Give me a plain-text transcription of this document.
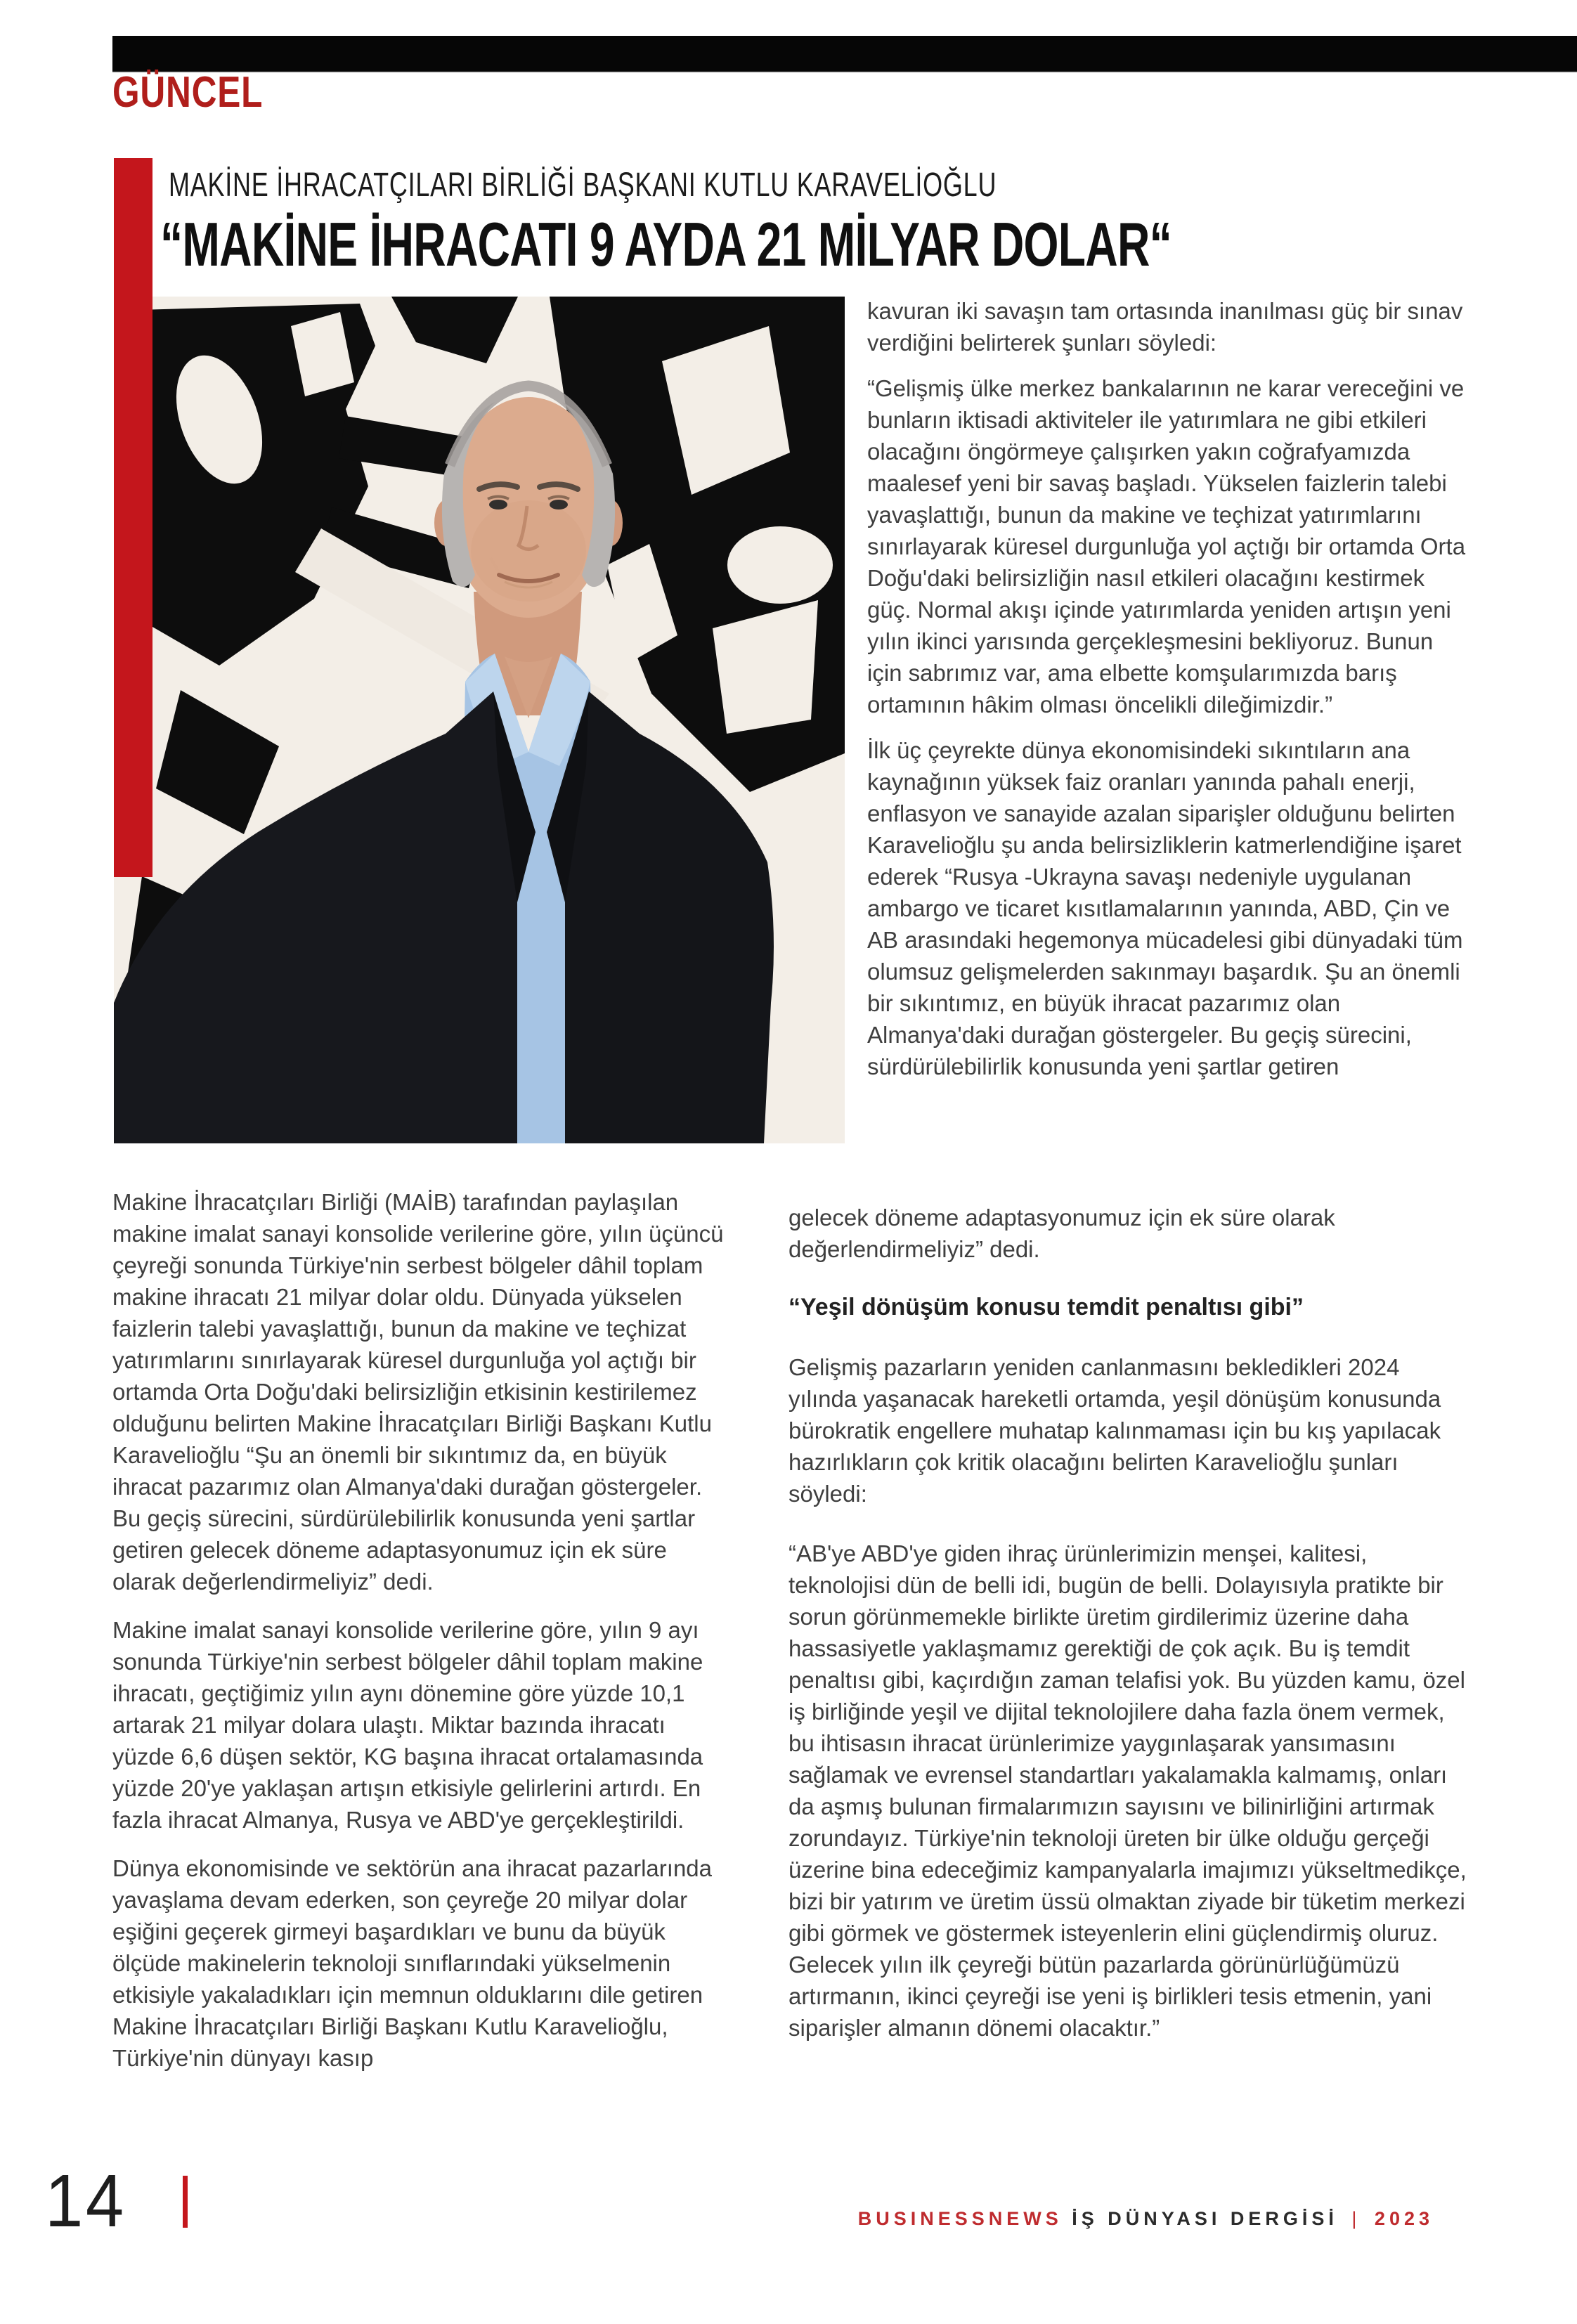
GÜNCEL
MAKİNE İHRACATÇILARI BİRLİĞİ BAŞKANI KUTLU KARAVELİOĞLU
“MAKİNE İHRACATI 9 AYDA 21 MİLYAR DOLAR“

Makine İhracatçıları Birliği (MAİB) tarafından paylaşılan makine imalat sanayi konsolide verilerine göre, yılın üçüncü çeyreği sonunda Türkiye'nin serbest bölgeler dâhil toplam makine ihracatı 21 milyar dolar oldu. Dünyada yükselen faizlerin talebi yavaşlattığı, bunun da makine ve teçhizat yatırımlarını sınırlayarak küresel durgunluğa yol açtığı bir ortamda Orta Doğu'daki belirsizliğin etkisinin kestirilemez olduğunu belirten Makine İhracatçıları Birliği Başkanı Kutlu Karavelioğlu “Şu an önemli bir sıkıntımız da, en büyük ihracat pazarımız olan Almanya'daki durağan göstergeler. Bu geçiş sürecini, sürdürülebilirlik konusunda yeni şartlar getiren gelecek döneme adaptasyonumuz için ek süre olarak değerlendirmeliyiz” dedi.

Makine imalat sanayi konsolide verilerine göre, yılın 9 ayı sonunda Türkiye'nin serbest bölgeler dâhil toplam makine ihracatı, geçtiğimiz yılın aynı dönemine göre yüzde 10,1 artarak 21 milyar dolara ulaştı. Miktar bazında ihracatı yüzde 6,6 düşen sektör, KG başına ihracat ortalamasında yüzde 20'ye yaklaşan artışın etkisiyle gelirlerini artırdı. En fazla ihracat Almanya, Rusya ve ABD'ye gerçekleştirildi.

Dünya ekonomisinde ve sektörün ana ihracat pazarlarında yavaşlama devam ederken, son çeyreğe 20 milyar dolar eşiğini geçerek girmeyi başardıkları ve bunu da büyük ölçüde makinelerin teknoloji sınıflarındaki yükselmenin etkisiyle yakaladıkları için memnun olduklarını dile getiren Makine İhracatçıları Birliği Başkanı Kutlu Karavelioğlu, Türkiye'nin dünyayı kasıp

kavuran iki savaşın tam ortasında inanılması güç bir sınav verdiğini belirterek şunları söyledi:

“Gelişmiş ülke merkez bankalarının ne karar vereceğini ve bunların iktisadi aktiviteler ile yatırımlara ne gibi etkileri olacağını öngörmeye çalışırken yakın coğrafyamızda maalesef yeni bir savaş başladı. Yükselen faizlerin talebi yavaşlattığı, bunun da makine ve teçhizat yatırımlarını sınırlayarak küresel durgunluğa yol açtığı bir ortamda Orta Doğu'daki belirsizliğin nasıl etkileri olacağını kestirmek güç. Normal akışı içinde yatırımlarda yeniden artışın yeni yılın ikinci yarısında gerçekleşmesini bekliyoruz. Bunun için sabrımız var, ama elbette komşularımızda barış ortamının hâkim olması öncelikli dileğimizdir.”

İlk üç çeyrekte dünya ekonomisindeki sıkıntıların ana kaynağının yüksek faiz oranları yanında pahalı enerji, enflasyon ve sanayide azalan siparişler olduğunu belirten Karavelioğlu şu anda belirsizliklerin katmerlendiğine işaret ederek “Rusya -Ukrayna savaşı nedeniyle uygulanan ambargo ve ticaret kısıtlamalarının yanında, ABD, Çin ve AB arasındaki hegemonya mücadelesi gibi dünyadaki tüm olumsuz gelişmelerden sakınmayı başardık. Şu an önemli bir sıkıntımız, en büyük ihracat pazarımız olan Almanya'daki durağan göstergeler. Bu geçiş sürecini, sürdürülebilirlik konusunda yeni şartlar getiren

gelecek döneme adaptasyonumuz için ek süre olarak değerlendirmeliyiz” dedi.

“Yeşil dönüşüm konusu temdit penaltısı gibi”

Gelişmiş pazarların yeniden canlanmasını bekledikleri 2024 yılında yaşanacak hareketli ortamda, yeşil dönüşüm konusunda bürokratik engellere muhatap kalınmaması için bu kış yapılacak hazırlıkların çok kritik olacağını belirten Karavelioğlu şunları söyledi:

“AB'ye ABD'ye giden ihraç ürünlerimizin menşei, kalitesi, teknolojisi dün de belli idi, bugün de belli. Dolayısıyla pratikte bir sorun görünmemekle birlikte üretim girdilerimiz üzerine daha hassasiyetle yaklaşmamız gerektiği de çok açık. Bu iş temdit penaltısı gibi, kaçırdığın zaman telafisi yok. Bu yüzden kamu, özel iş birliğinde yeşil ve dijital teknolojilere daha fazla önem vermek, bu ihtisasın ihracat ürünlerimize yaygınlaşarak yansımasını sağlamak ve evrensel standartları yakalamakla kalmamış, onları da aşmış bulunan firmalarımızın sayısını ve bilinirliğini artırmak zorundayız. Türkiye'nin teknoloji üreten bir ülke olduğu gerçeği üzerine bina edeceğimiz kampanyalarla imajımızı yükseltmedikçe, bizi bir yatırım ve üretim üssü olmaktan ziyade bir tüketim merkezi gibi görmek ve göstermek isteyenlerin elini güçlendirmiş oluruz. Gelecek yılın ilk çeyreği bütün pazarlarda görünürlüğümüzü artırmanın, ikinci çeyreği ise yeni iş birlikleri tesis etmenin, yani siparişler almanın dönemi olacaktır.”

14	BUSINESSNEWS İŞ DÜNYASI DERGİSİ | 2023
